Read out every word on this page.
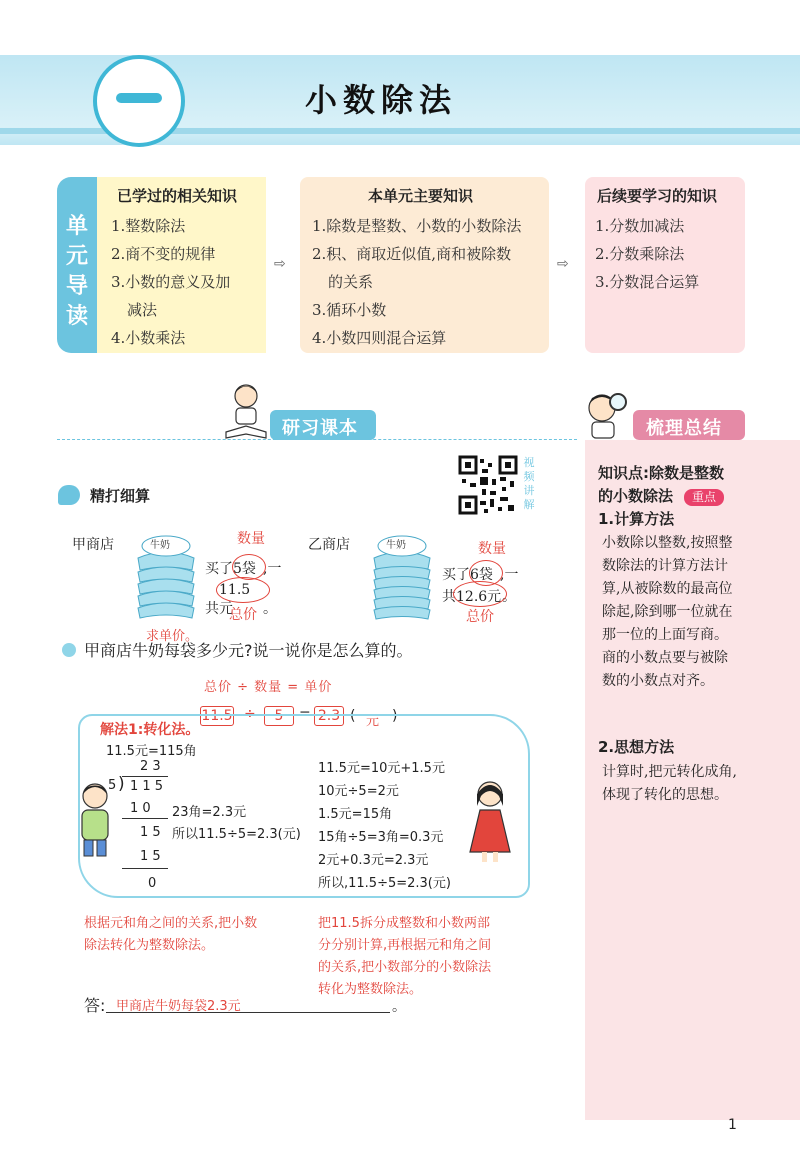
小数除法
单
元
导
读
已学过的相关知识
1.整数除法
2.商不变的规律
3.小数的意义及加
减法
4.小数乘法
⇨
本单元主要知识
1.除数是整数、小数的小数除法
2.积、商取近似值,商和被除数
的关系
3.循环小数
4.小数四则混合运算
⇨
后续要学习的知识
1.分数加减法
2.分数乘除法
3.分数混合运算
研习课本	梳理总结
知识点:除数是整数
的小数除法	重点
1.计算方法
小数除以整数,按照整
数除法的计算方法计
算,从被除数的最高位
除起,除到哪一位就在
那一位的上面写商。
商的小数点要与被除
数的小数点对齐。
2.思想方法
计算时,把元转化成角,
体现了转化的思想。
精打细算
视频讲解
甲商店	牛奶	数量
买了5袋 ,一
共11.5元 。
总价
乙商店	牛奶	数量
买了6袋 ,一
共12.6元。
总价
求单价。
甲商店牛奶每袋多少元?说一说你是怎么算的。
总价 ÷ 数量 = 单价
11.5 ÷	5	= 2.3 ( 元 )
解法1:转化法。
11.5元=115角
2 3
5 ) 1 1 5
1 0 23角=2.3元
1 5 所以11.5÷5=2.3(元)
1 5
0
11.5元=10元+1.5元
10元÷5=2元
1.5元=15角
15角÷5=3角=0.3元
2元+0.3元=2.3元
所以,11.5÷5=2.3(元)
根据元和角之间的关系,把小数
除法转化为整数除法。
把11.5拆分成整数和小数两部
分分别计算,再根据元和角之间
的关系,把小数部分的小数除法
转化为整数除法。
答: 甲商店牛奶每袋2.3元	。
1
